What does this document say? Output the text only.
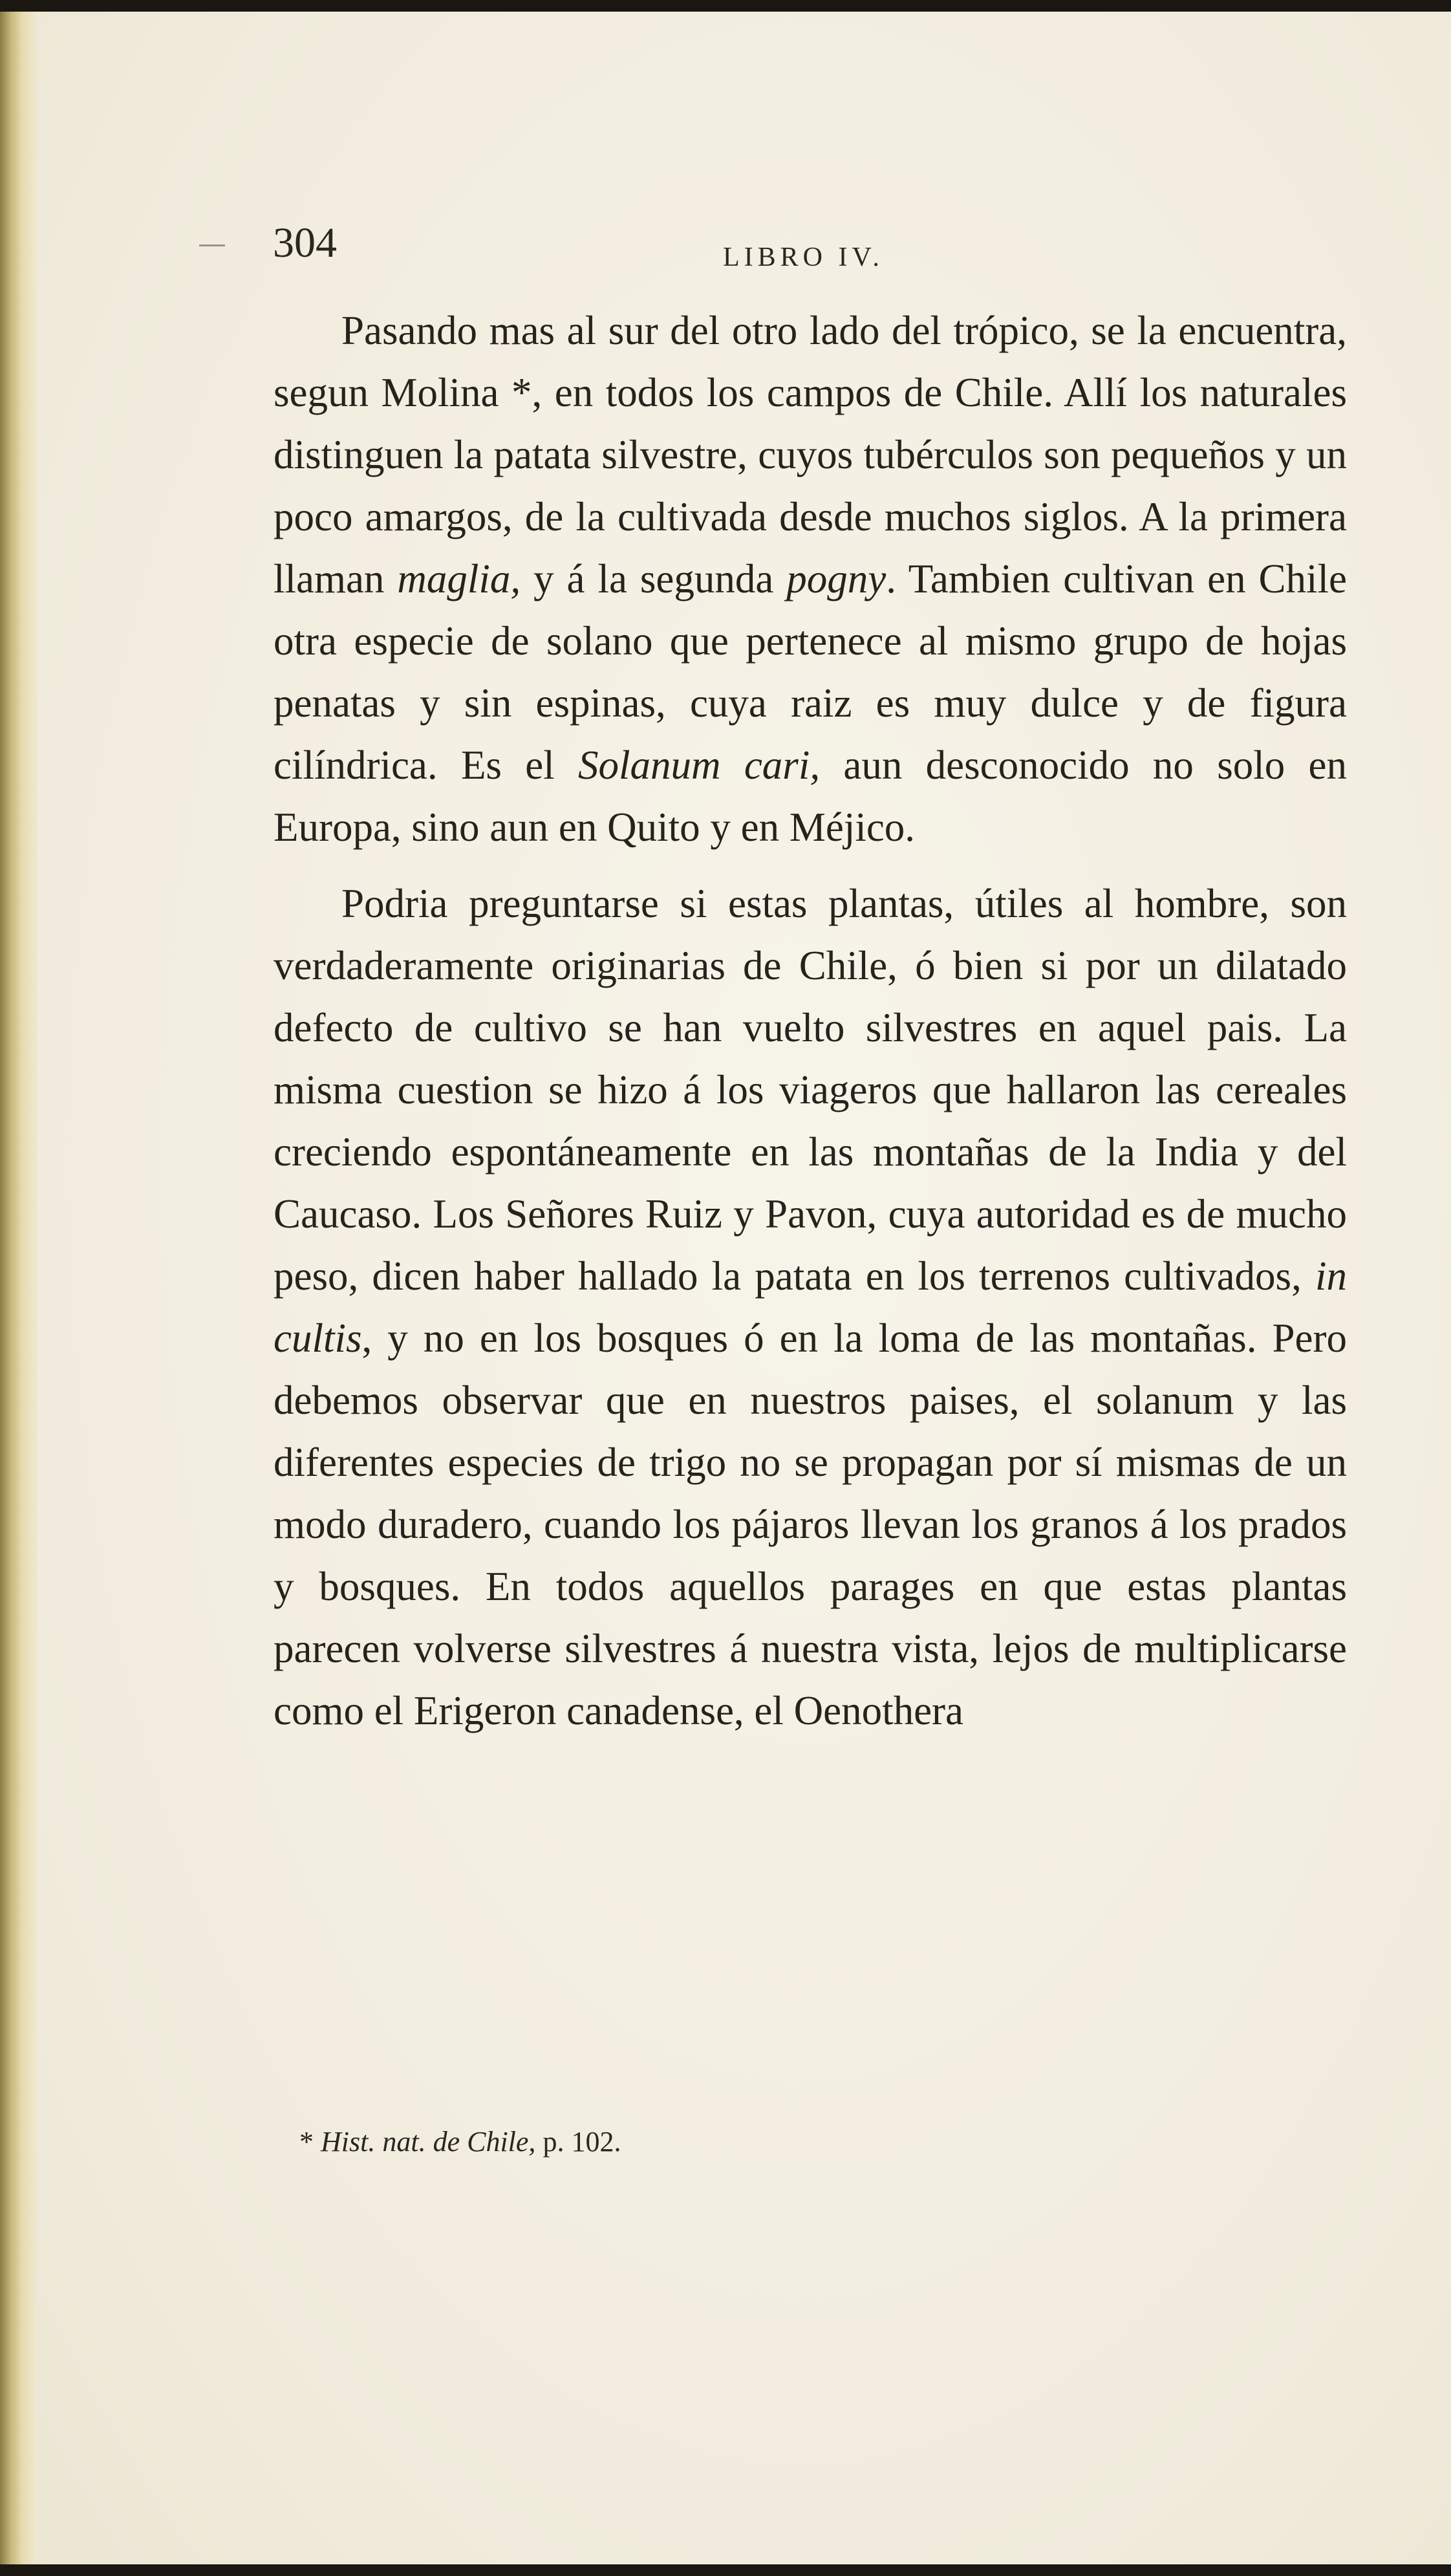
304	LIBRO IV.

Pasando mas al sur del otro lado del trópico, se la encuentra, segun Molina *, en todos los campos de Chile. Allí los naturales distinguen la patata silvestre, cuyos tubérculos son pequeños y un poco amargos, de la cultivada desde muchos siglos. A la primera llaman maglia, y á la segunda pogny. Tambien cultivan en Chile otra especie de solano que pertenece al mismo grupo de hojas penatas y sin espinas, cuya raiz es muy dulce y de figura cilíndrica. Es el Solanum cari, aun desconocido no solo en Europa, sino aun en Quito y en Méjico.

Podria preguntarse si estas plantas, útiles al hombre, son verdaderamente originarias de Chile, ó bien si por un dilatado defecto de cultivo se han vuelto silvestres en aquel pais. La misma cuestion se hizo á los viageros que hallaron las cereales creciendo espontáneamente en las montañas de la India y del Caucaso. Los Señores Ruiz y Pavon, cuya autoridad es de mucho peso, dicen haber hallado la patata en los terrenos cultivados, in cultis, y no en los bosques ó en la loma de las montañas. Pero debemos observar que en nuestros paises, el solanum y las diferentes especies de trigo no se propagan por sí mismas de un modo duradero, cuando los pájaros llevan los granos á los prados y bosques. En todos aquellos parages en que estas plantas parecen volverse silvestres á nuestra vista, lejos de multiplicarse como el Erigeron canadense, el Oenothera

* Hist. nat. de Chile, p. 102.
